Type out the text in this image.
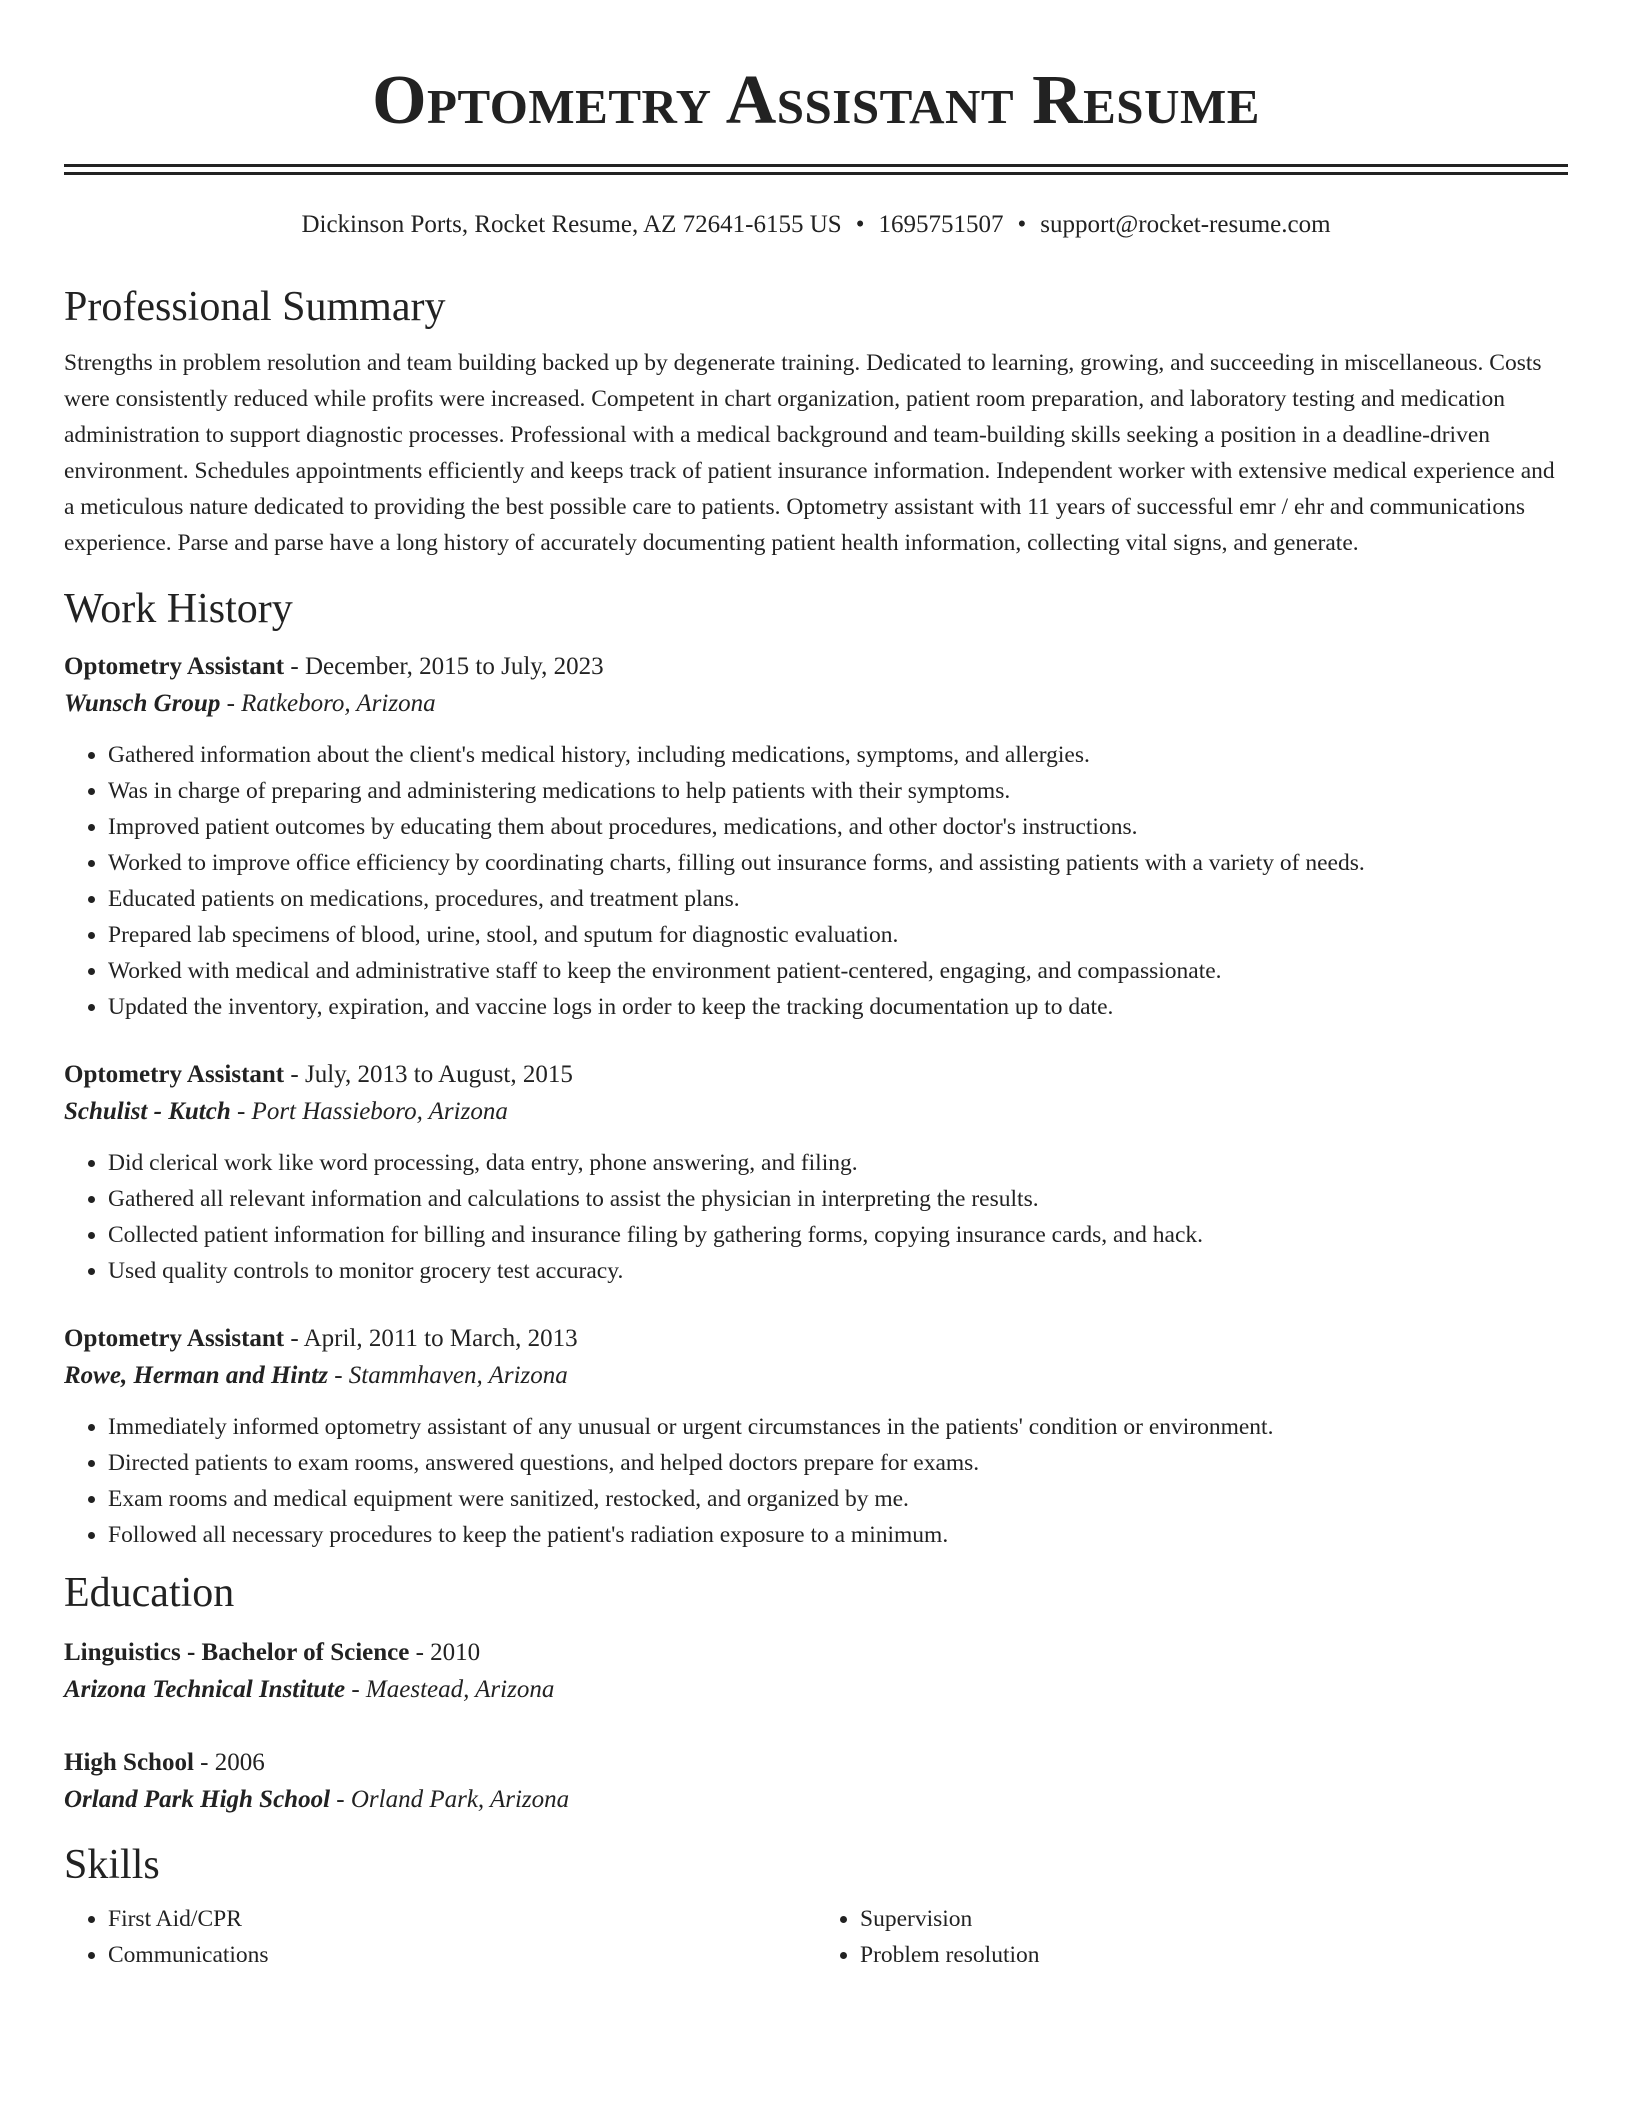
Optometry Assistant Resume
Dickinson Ports, Rocket Resume, AZ 72641-6155 US • 1695751507 • support@rocket-resume.com
Professional Summary

Strengths in problem resolution and team building backed up by degenerate training. Dedicated to learning, growing, and succeeding in miscellaneous. Costs were consistently reduced while profits were increased. Competent in chart organization, patient room preparation, and laboratory testing and medication administration to support diagnostic processes. Professional with a medical background and team-building skills seeking a position in a deadline-driven environment. Schedules appointments efficiently and keeps track of patient insurance information. Independent worker with extensive medical experience and a meticulous nature dedicated to providing the best possible care to patients. Optometry assistant with 11 years of successful emr / ehr and communications experience. Parse and parse have a long history of accurately documenting patient health information, collecting vital signs, and generate.

Work History

Optometry Assistant - December, 2015 to July, 2023

Wunsch Group - Ratkeboro, Arizona

• Gathered information about the client's medical history, including medications, symptoms, and allergies.
• Was in charge of preparing and administering medications to help patients with their symptoms.
• Improved patient outcomes by educating them about procedures, medications, and other doctor's instructions.
• Worked to improve office efficiency by coordinating charts, filling out insurance forms, and assisting patients with a variety of needs.
• Educated patients on medications, procedures, and treatment plans.
• Prepared lab specimens of blood, urine, stool, and sputum for diagnostic evaluation.
• Worked with medical and administrative staff to keep the environment patient-centered, engaging, and compassionate.
• Updated the inventory, expiration, and vaccine logs in order to keep the tracking documentation up to date.

Optometry Assistant - July, 2013 to August, 2015

Schulist - Kutch - Port Hassieboro, Arizona

• Did clerical work like word processing, data entry, phone answering, and filing.
• Gathered all relevant information and calculations to assist the physician in interpreting the results.
• Collected patient information for billing and insurance filing by gathering forms, copying insurance cards, and hack.
• Used quality controls to monitor grocery test accuracy.

Optometry Assistant - April, 2011 to March, 2013

Rowe, Herman and Hintz - Stammhaven, Arizona

• Immediately informed optometry assistant of any unusual or urgent circumstances in the patients' condition or environment.
• Directed patients to exam rooms, answered questions, and helped doctors prepare for exams.
• Exam rooms and medical equipment were sanitized, restocked, and organized by me.
• Followed all necessary procedures to keep the patient's radiation exposure to a minimum.
Education

Linguistics - Bachelor of Science - 2010

Arizona Technical Institute - Maestead, Arizona

High School - 2006

Orland Park High School - Orland Park, Arizona

Skills
• First Aid/CPR
• Communications
• Supervision
• Problem resolution
